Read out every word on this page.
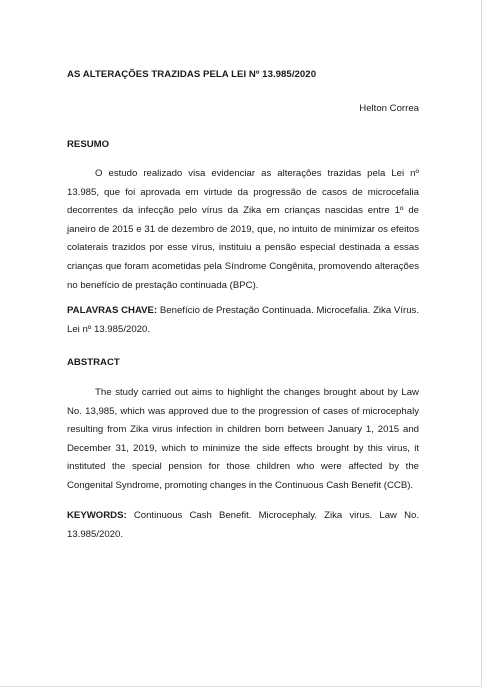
AS ALTERAÇÕES TRAZIDAS PELA LEI Nº 13.985/2020
Helton Correa
RESUMO

O estudo realizado visa evidenciar as alterações trazidas pela Lei nº 13.985, que foi aprovada em virtude da progressão de casos de microcefalia decorrentes da infecção pelo vírus da Zika em crianças nascidas entre 1º de janeiro de 2015 e 31 de dezembro de 2019, que, no intuito de minimizar os efeitos colaterais trazidos por esse vírus, instituiu a pensão especial destinada a essas crianças que foram acometidas pela Síndrome Congênita, promovendo alterações no benefício de prestação continuada (BPC).

PALAVRAS CHAVE: Benefício de Prestação Continuada. Microcefalia. Zika Vírus. Lei nº 13.985/2020.

ABSTRACT

The study carried out aims to highlight the changes brought about by Law No. 13,985, which was approved due to the progression of cases of microcephaly resulting from Zika virus infection in children born between January 1, 2015 and December 31, 2019, which to minimize the side effects brought by this virus, it instituted the special pension for those children who were affected by the Congenital Syndrome, promoting changes in the Continuous Cash Benefit (CCB).

KEYWORDS: Continuous Cash Benefit. Microcephaly. Zika virus. Law No. 13.985/2020.
